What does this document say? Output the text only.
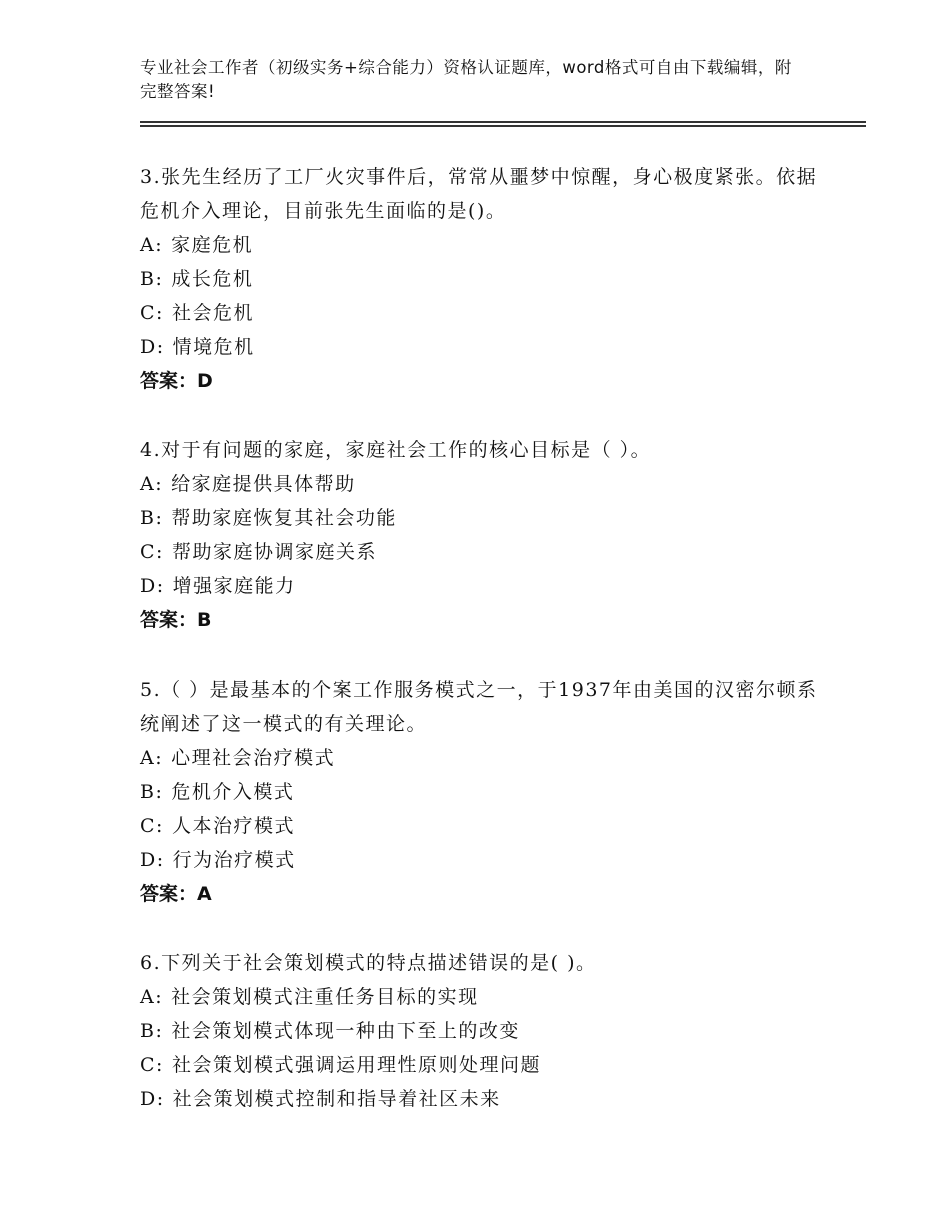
专业社会工作者（初级实务+综合能力）资格认证题库，word格式可自由下载编辑，附完整答案!
3.张先生经历了工厂火灾事件后，常常从噩梦中惊醒，身心极度紧张。依据危机介入理论，目前张先生面临的是()。
A: 家庭危机
B: 成长危机
C: 社会危机
D: 情境危机
答案：D
4.对于有问题的家庭，家庭社会工作的核心目标是（ ）。
A: 给家庭提供具体帮助
B: 帮助家庭恢复其社会功能
C: 帮助家庭协调家庭关系
D: 增强家庭能力
答案：B
5.（ ）是最基本的个案工作服务模式之一，于1937年由美国的汉密尔顿系统阐述了这一模式的有关理论。
A: 心理社会治疗模式
B: 危机介入模式
C: 人本治疗模式
D: 行为治疗模式
答案：A
6.下列关于社会策划模式的特点描述错误的是( )。
A: 社会策划模式注重任务目标的实现
B: 社会策划模式体现一种由下至上的改变
C: 社会策划模式强调运用理性原则处理问题
D: 社会策划模式控制和指导着社区未来
